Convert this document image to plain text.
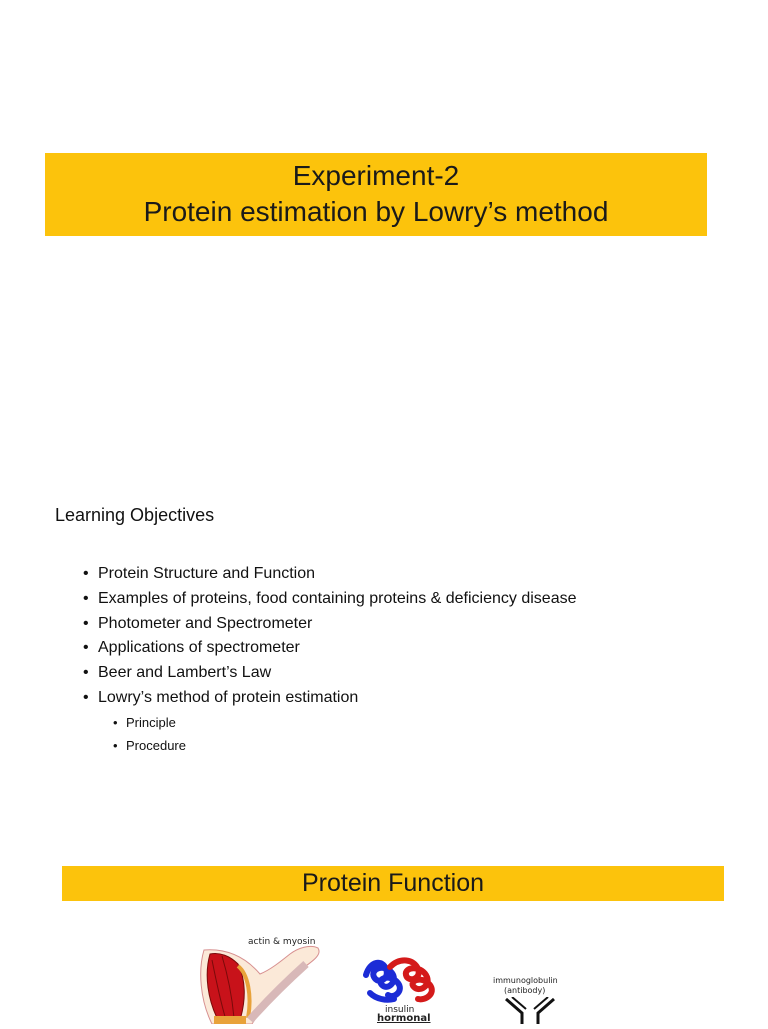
Experiment-2
Protein estimation by Lowry’s method
Learning Objectives
• Protein Structure and Function
• Examples of proteins, food containing proteins & deficiency disease
• Photometer and Spectrometer
• Applications of spectrometer
• Beer and Lambert’s Law
• Lowry’s method of protein estimation
• Principle
• Procedure
Protein Function
actin & myosin
insulin
hormonal
immunoglobulin
(antibody)
